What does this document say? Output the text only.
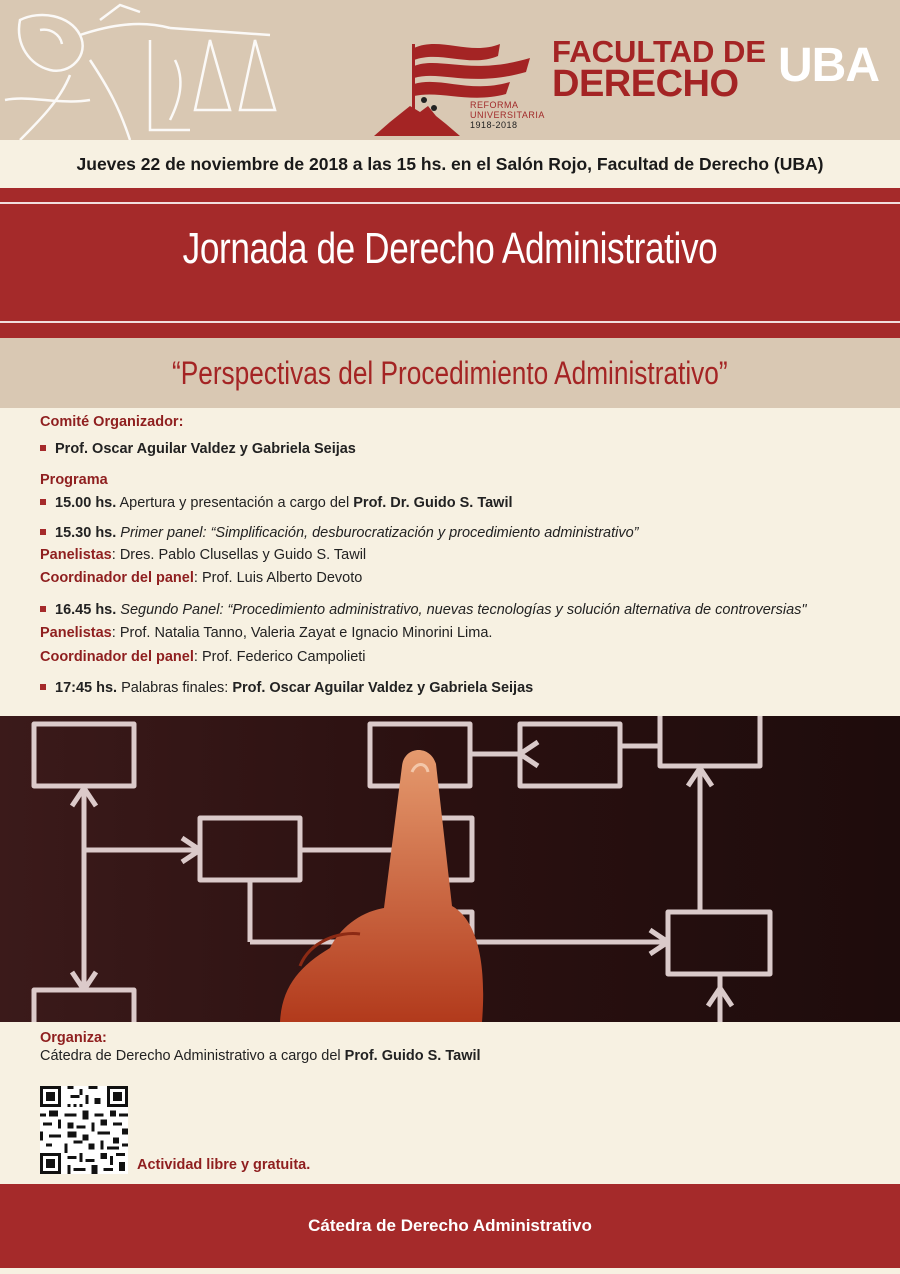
REFORMA
UNIVERSITARIA
1918-2018
FACULTAD DE
DERECHO UBA
Jueves 22 de noviembre de 2018 a las 15 hs. en el Salón Rojo, Facultad de Derecho (UBA)
Jornada de Derecho Administrativo
“Perspectivas del Procedimiento Administrativo”
Comité Organizador:
Prof. Oscar Aguilar Valdez y Gabriela Seijas
Programa
15.00 hs. Apertura y presentación a cargo del Prof. Dr. Guido S. Tawil
15.30 hs. Primer panel: “Simplificación, desburocratización y procedimiento administrativo”
Panelistas: Dres. Pablo Clusellas y Guido S. Tawil
Coordinador del panel: Prof. Luis Alberto Devoto
16.45 hs. Segundo Panel: “Procedimiento administrativo, nuevas tecnologías y solución alternativa de controversias"
Panelistas: Prof. Natalia Tanno, Valeria Zayat e Ignacio Minorini Lima.
Coordinador del panel: Prof. Federico Campolieti
17:45 hs. Palabras finales: Prof. Oscar Aguilar Valdez y Gabriela Seijas
Organiza:
Cátedra de Derecho Administrativo a cargo del Prof. Guido S. Tawil
Actividad libre y gratuita.
Cátedra de Derecho Administrativo
